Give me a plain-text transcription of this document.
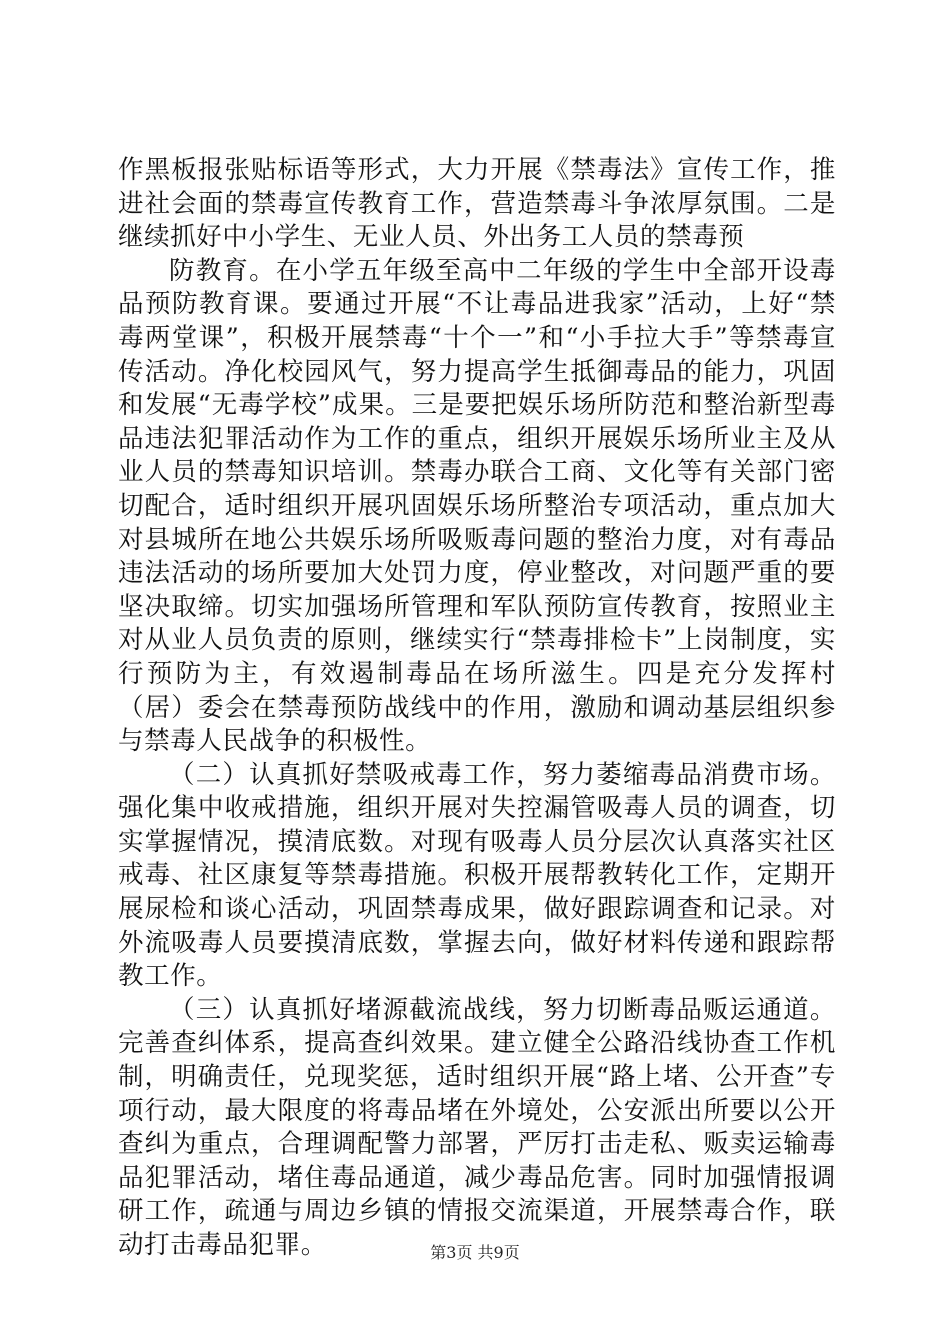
作黑板报张贴标语等形式，大力开展《禁毒法》宣传工作，推进社会面的禁毒宣传教育工作，营造禁毒斗争浓厚氛围。二是继续抓好中小学生、无业人员、外出务工人员的禁毒预

防教育。在小学五年级至高中二年级的学生中全部开设毒品预防教育课。要通过开展“不让毒品进我家”活动，上好“禁毒两堂课”，积极开展禁毒“十个一”和“小手拉大手”等禁毒宣传活动。净化校园风气，努力提高学生抵御毒品的能力，巩固和发展“无毒学校”成果。三是要把娱乐场所防范和整治新型毒品违法犯罪活动作为工作的重点，组织开展娱乐场所业主及从业人员的禁毒知识培训。禁毒办联合工商、文化等有关部门密切配合，适时组织开展巩固娱乐场所整治专项活动，重点加大对县城所在地公共娱乐场所吸贩毒问题的整治力度，对有毒品违法活动的场所要加大处罚力度，停业整改，对问题严重的要坚决取缔。切实加强场所管理和军队预防宣传教育，按照业主对从业人员负责的原则，继续实行“禁毒排检卡”上岗制度，实行预防为主，有效遏制毒品在场所滋生。四是充分发挥村（居）委会在禁毒预防战线中的作用，激励和调动基层组织参与禁毒人民战争的积极性。

（二）认真抓好禁吸戒毒工作，努力萎缩毒品消费市场。强化集中收戒措施，组织开展对失控漏管吸毒人员的调查，切实掌握情况，摸清底数。对现有吸毒人员分层次认真落实社区戒毒、社区康复等禁毒措施。积极开展帮教转化工作，定期开展尿检和谈心活动，巩固禁毒成果，做好跟踪调查和记录。对外流吸毒人员要摸清底数，掌握去向，做好材料传递和跟踪帮教工作。

（三）认真抓好堵源截流战线，努力切断毒品贩运通道。完善查纠体系，提高查纠效果。建立健全公路沿线协查工作机制，明确责任，兑现奖惩，适时组织开展“路上堵、公开查”专项行动，最大限度的将毒品堵在外境处，公安派出所要以公开查纠为重点，合理调配警力部署，严厉打击走私、贩卖运输毒品犯罪活动，堵住毒品通道，减少毒品危害。同时加强情报调研工作，疏通与周边乡镇的情报交流渠道，开展禁毒合作，联动打击毒品犯罪。	第3页 共9页
